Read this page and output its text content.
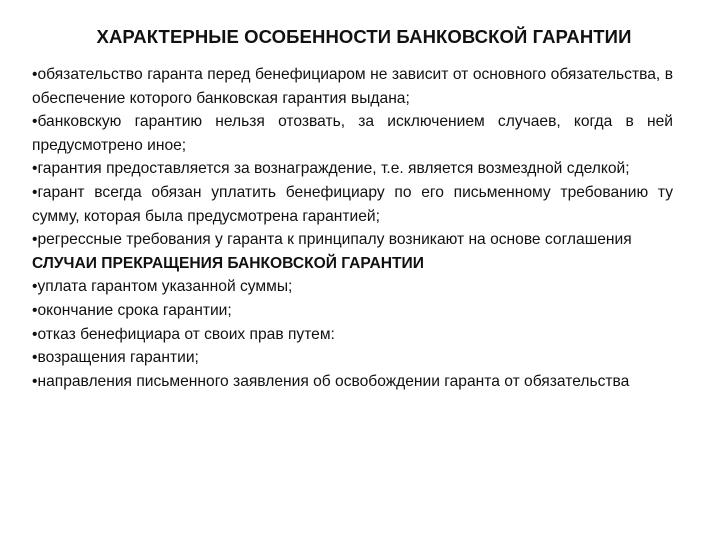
ХАРАКТЕРНЫЕ ОСОБЕННОСТИ БАНКОВСКОЙ ГАРАНТИИ

•обязательство гаранта перед бенефициаром не зависит от основного обязательства, в обеспечение которого банковская гарантия выдана;

•банковскую гарантию нельзя отозвать, за исключением случаев, когда в ней предусмотрено иное;

•гарантия предоставляется за вознаграждение, т.е. является возмездной сделкой;

•гарант всегда обязан уплатить бенефициару по его письменному требованию ту сумму, которая была предусмотрена гарантией;

•регрессные требования у гаранта к принципалу возникают на основе соглашения

СЛУЧАИ ПРЕКРАЩЕНИЯ БАНКОВСКОЙ ГАРАНТИИ

•уплата гарантом указанной суммы;

•окончание срока гарантии;

•отказ бенефициара от своих прав путем:

•возращения гарантии;

•направления письменного заявления об освобождении гаранта от обязательства
